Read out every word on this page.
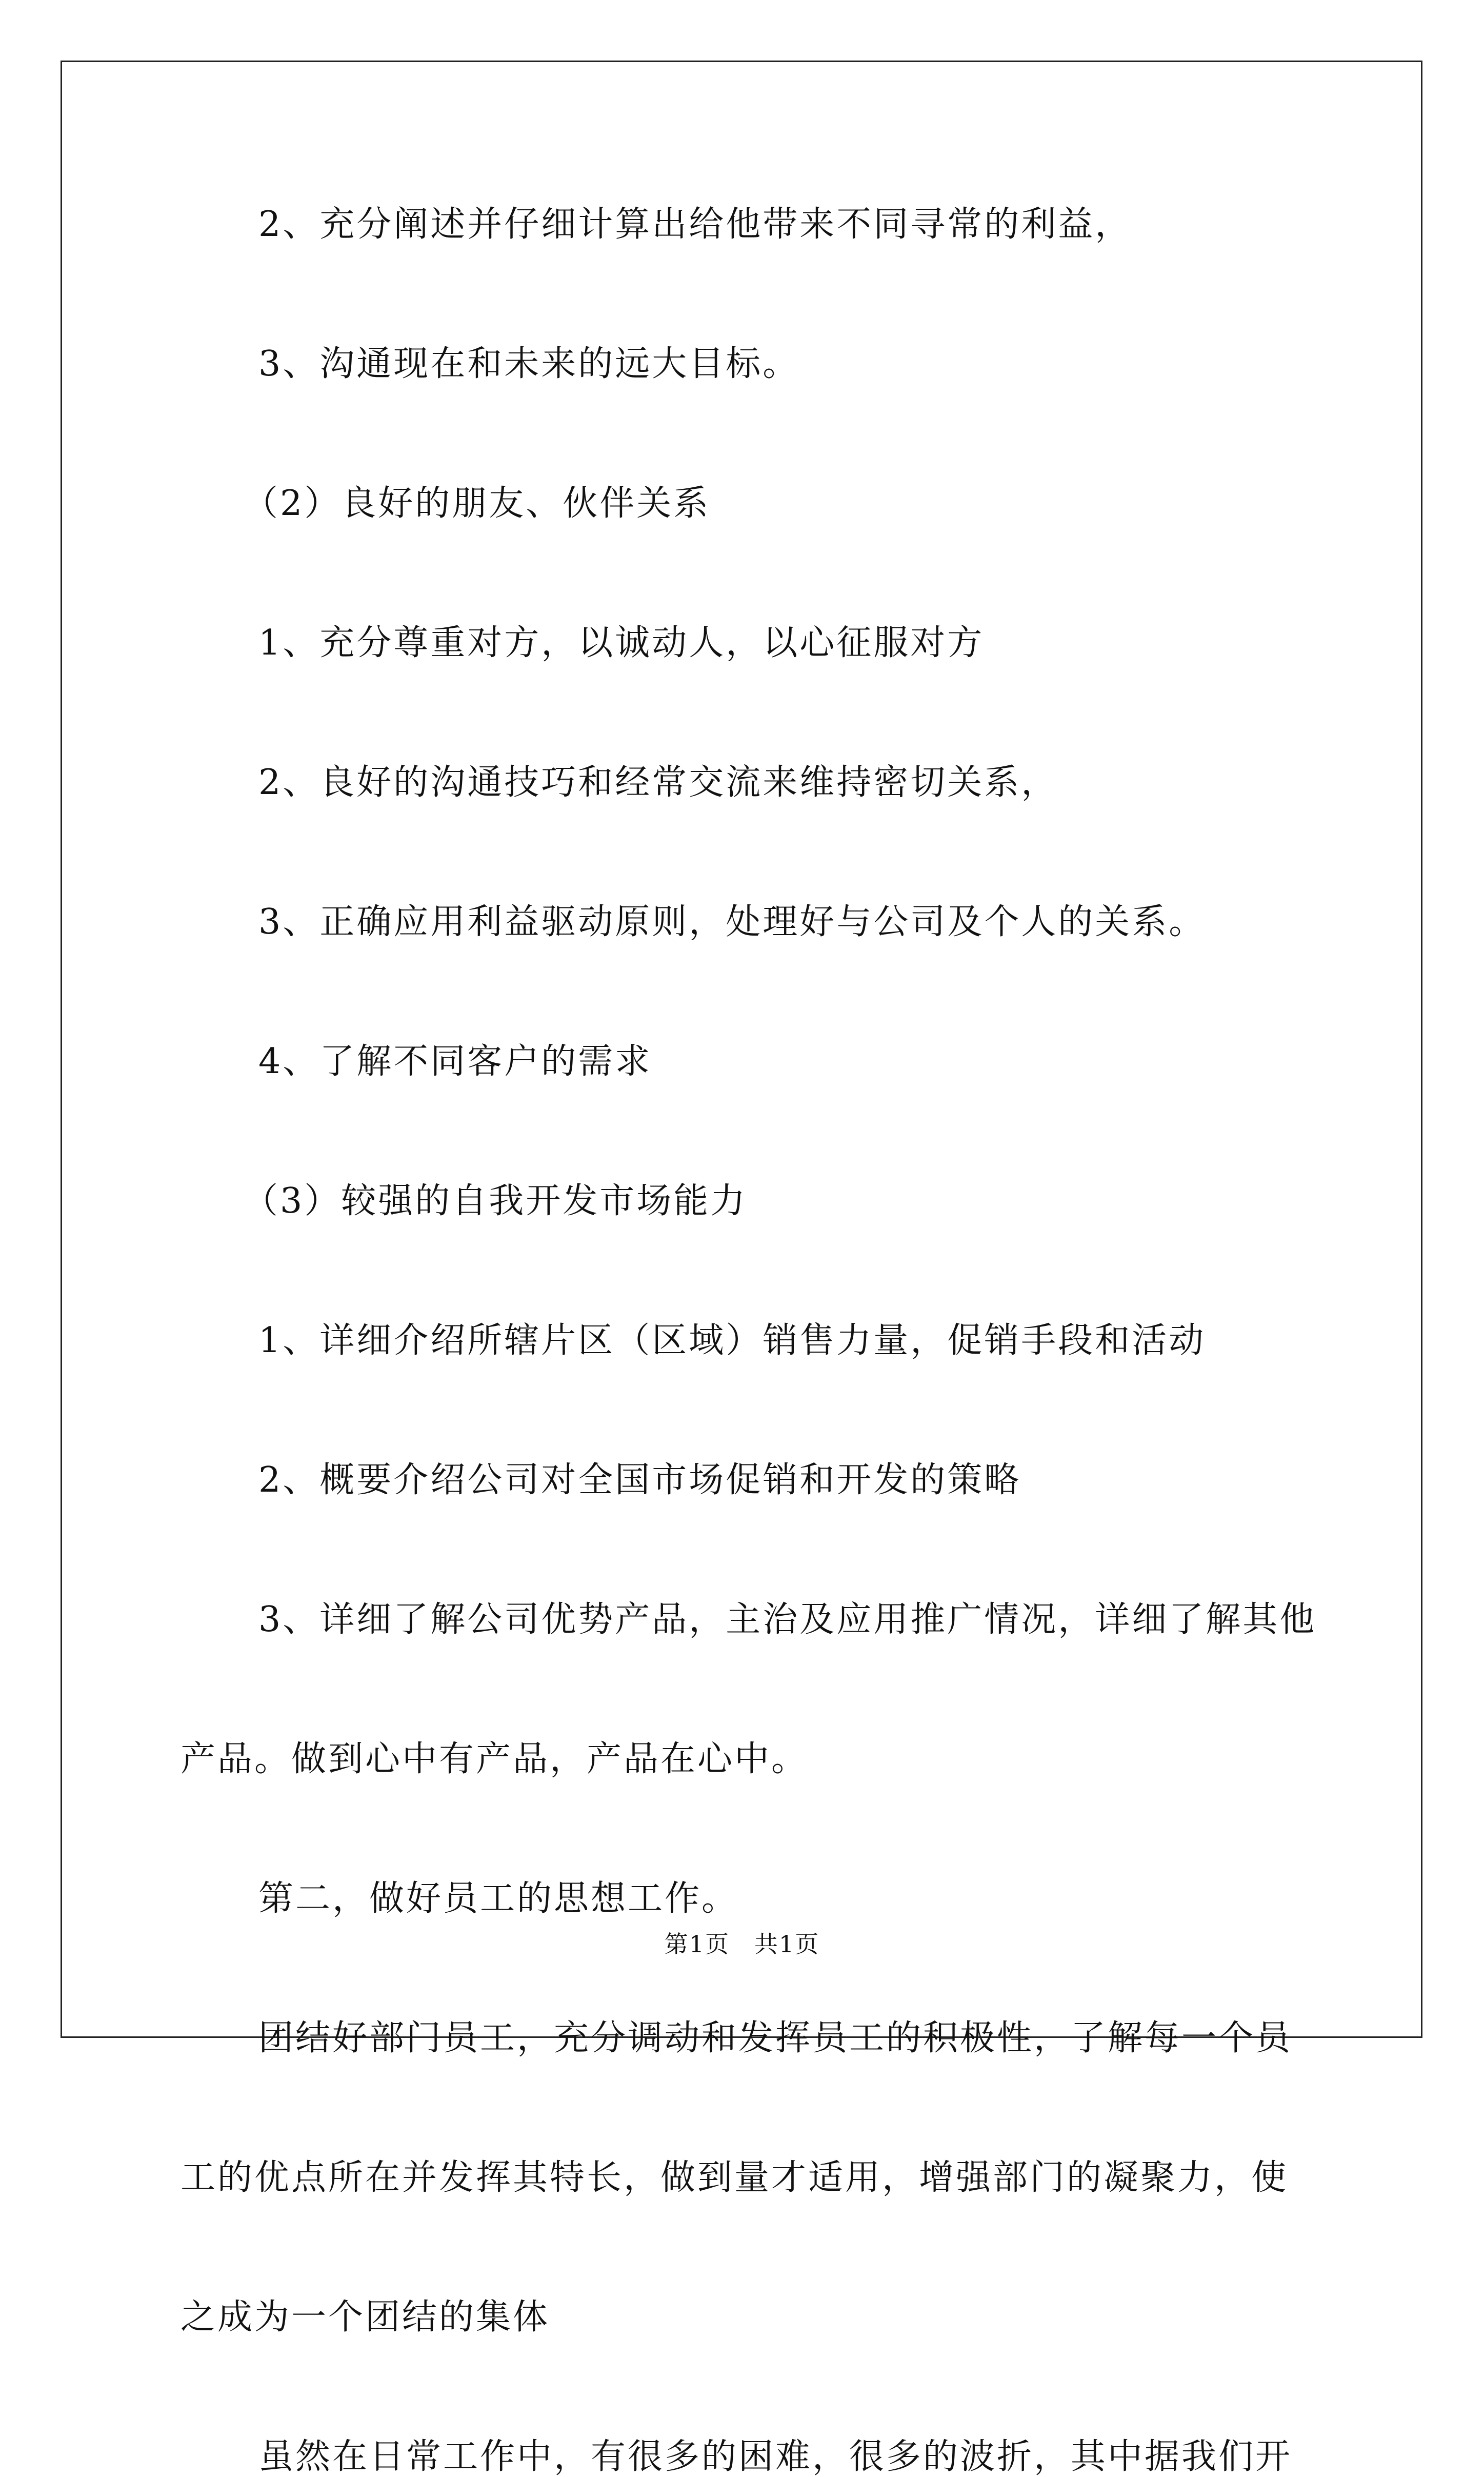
2、充分阐述并仔细计算出给他带来不同寻常的利益，

3、沟通现在和未来的远大目标。

（2）良好的朋友、伙伴关系

1、充分尊重对方，以诚动人，以心征服对方

2、良好的沟通技巧和经常交流来维持密切关系，

3、正确应用利益驱动原则，处理好与公司及个人的关系。

4、了解不同客户的需求

（3）较强的自我开发市场能力

1、详细介绍所辖片区（区域）销售力量，促销手段和活动

2、概要介绍公司对全国市场促销和开发的策略

3、详细了解公司优势产品，主治及应用推广情况，详细了解其他

产品。做到心中有产品，产品在心中。

第二，做好员工的思想工作。

团结好部门员工，充分调动和发挥员工的积极性，了解每一个员

工的优点所在并发挥其特长，做到量才适用，增强部门的凝聚力，使

之成为一个团结的集体

虽然在日常工作中，有很多的困难，很多的波折，其中据我们开

第1页　共1页
